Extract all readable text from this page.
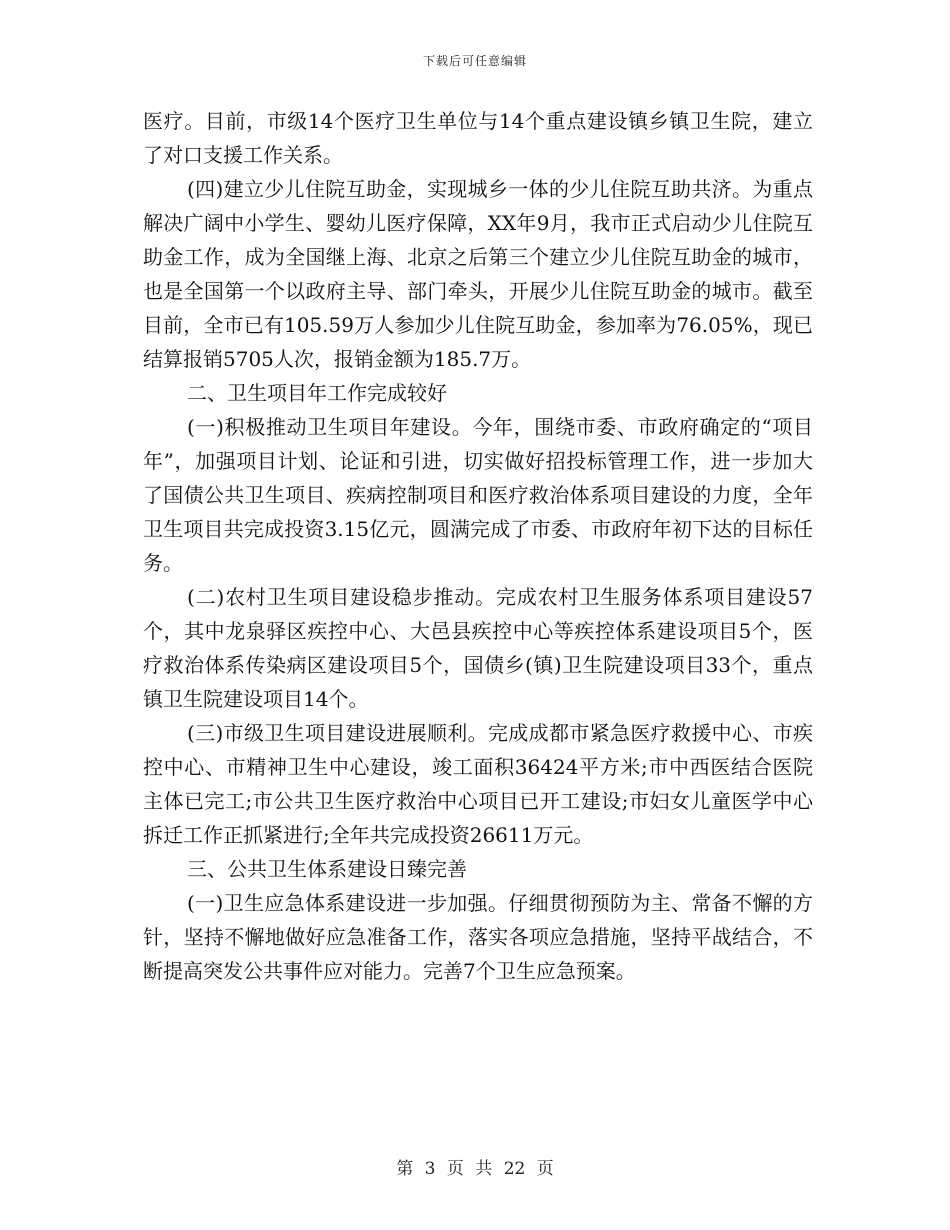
下载后可任意编辑

医疗。目前，市级14个医疗卫生单位与14个重点建设镇乡镇卫生院，建立了对口支援工作关系。

(四)建立少儿住院互助金，实现城乡一体的少儿住院互助共济。为重点解决广阔中小学生、婴幼儿医疗保障，XX年9月，我市正式启动少儿住院互助金工作，成为全国继上海、北京之后第三个建立少儿住院互助金的城市，也是全国第一个以政府主导、部门牵头，开展少儿住院互助金的城市。截至目前，全市已有105.59万人参加少儿住院互助金，参加率为76.05%，现已结算报销5705人次，报销金额为185.7万。

二、卫生项目年工作完成较好

(一)积极推动卫生项目年建设。今年，围绕市委、市政府确定的“项目年”，加强项目计划、论证和引进，切实做好招投标管理工作，进一步加大了国债公共卫生项目、疾病控制项目和医疗救治体系项目建设的力度，全年卫生项目共完成投资3.15亿元，圆满完成了市委、市政府年初下达的目标任务。

(二)农村卫生项目建设稳步推动。完成农村卫生服务体系项目建设57个，其中龙泉驿区疾控中心、大邑县疾控中心等疾控体系建设项目5个，医疗救治体系传染病区建设项目5个，国债乡(镇)卫生院建设项目33个，重点镇卫生院建设项目14个。

(三)市级卫生项目建设进展顺利。完成成都市紧急医疗救援中心、市疾控中心、市精神卫生中心建设，竣工面积36424平方米;市中西医结合医院主体已完工;市公共卫生医疗救治中心项目已开工建设;市妇女儿童医学中心拆迁工作正抓紧进行;全年共完成投资26611万元。

三、公共卫生体系建设日臻完善

(一)卫生应急体系建设进一步加强。仔细贯彻预防为主、常备不懈的方针，坚持不懈地做好应急准备工作，落实各项应急措施，坚持平战结合，不断提高突发公共事件应对能力。完善7个卫生应急预案。

第 3 页 共 22 页
